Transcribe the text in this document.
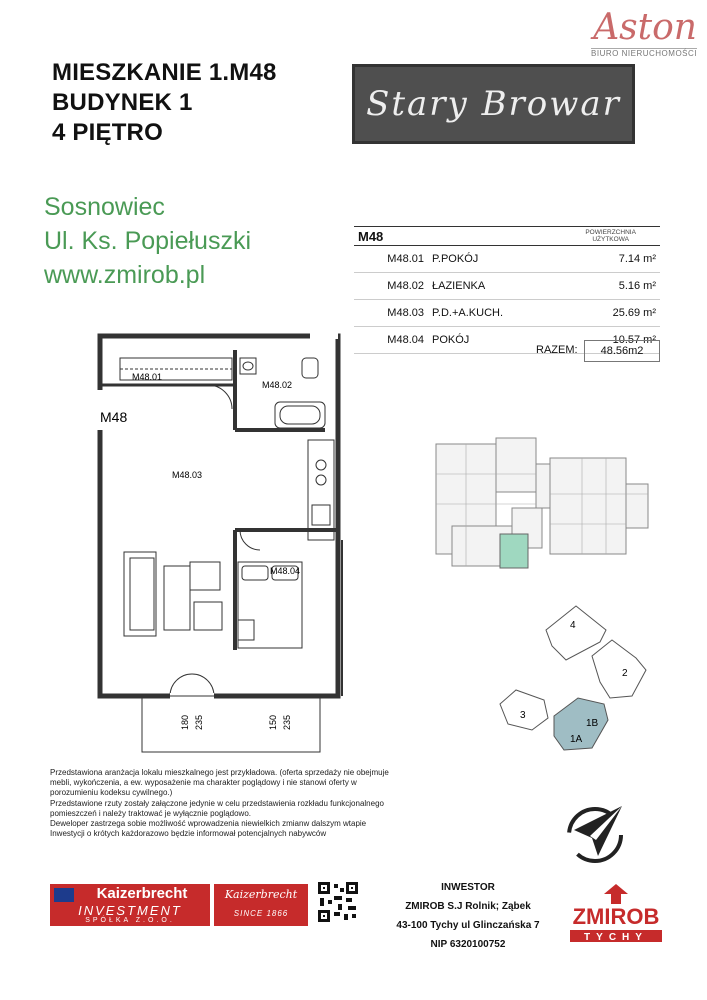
MIESZKANIE 1.M48
BUDYNEK 1
4 PIĘTRO
Stary Browar
Aston
BIURO NIERUCHOMOŚCI
Sosnowiec
Ul. Ks. Popiełuszki
www.zmirob.pl
M48		POWIERZCHNIA
UŻYTKOWA

M48.01	P.POKÓJ	7.14 m²
M48.02	ŁAZIENKA	5.16 m²
M48.03	P.D.+A.KUCH.	25.69 m²
M48.04	POKÓJ	10.57 m²
RAZEM:	48.56m2
M48.01
M48.02
M48.03
M48.04
M48
180 235	150 235
4
2
3
1B
1A
Przedstawiona aranżacja lokalu mieszkalnego jest przykładowa. (oferta sprzedaży nie obejmuje mebli, wykończenia, a ew. wyposażenie ma charakter poglądowy i nie stanowi oferty w porozumieniu kodeksu cywilnego.)
Przedstawione rzuty zostały załączone jedynie w celu przedstawienia rozkładu funkcjonalnego pomieszczeń i należy traktować je wyłącznie poglądowo.
Deweloper zastrzega sobie możliwość wprowadzenia niewielkich zmianw dalszym wtapie Inwestycji o krótych każdorazowo będzie informował potencjalnych nabywców
Kaizerbrecht
INVESTMENT
SPÓŁKA Z.O.O.
Kaizerbrecht
SINCE 1866
INWESTOR
ZMIROB S.J Rolnik; Ząbek
43-100 Tychy ul Glinczańska 7
NIP 6320100752
ZMIROB
TYCHY
